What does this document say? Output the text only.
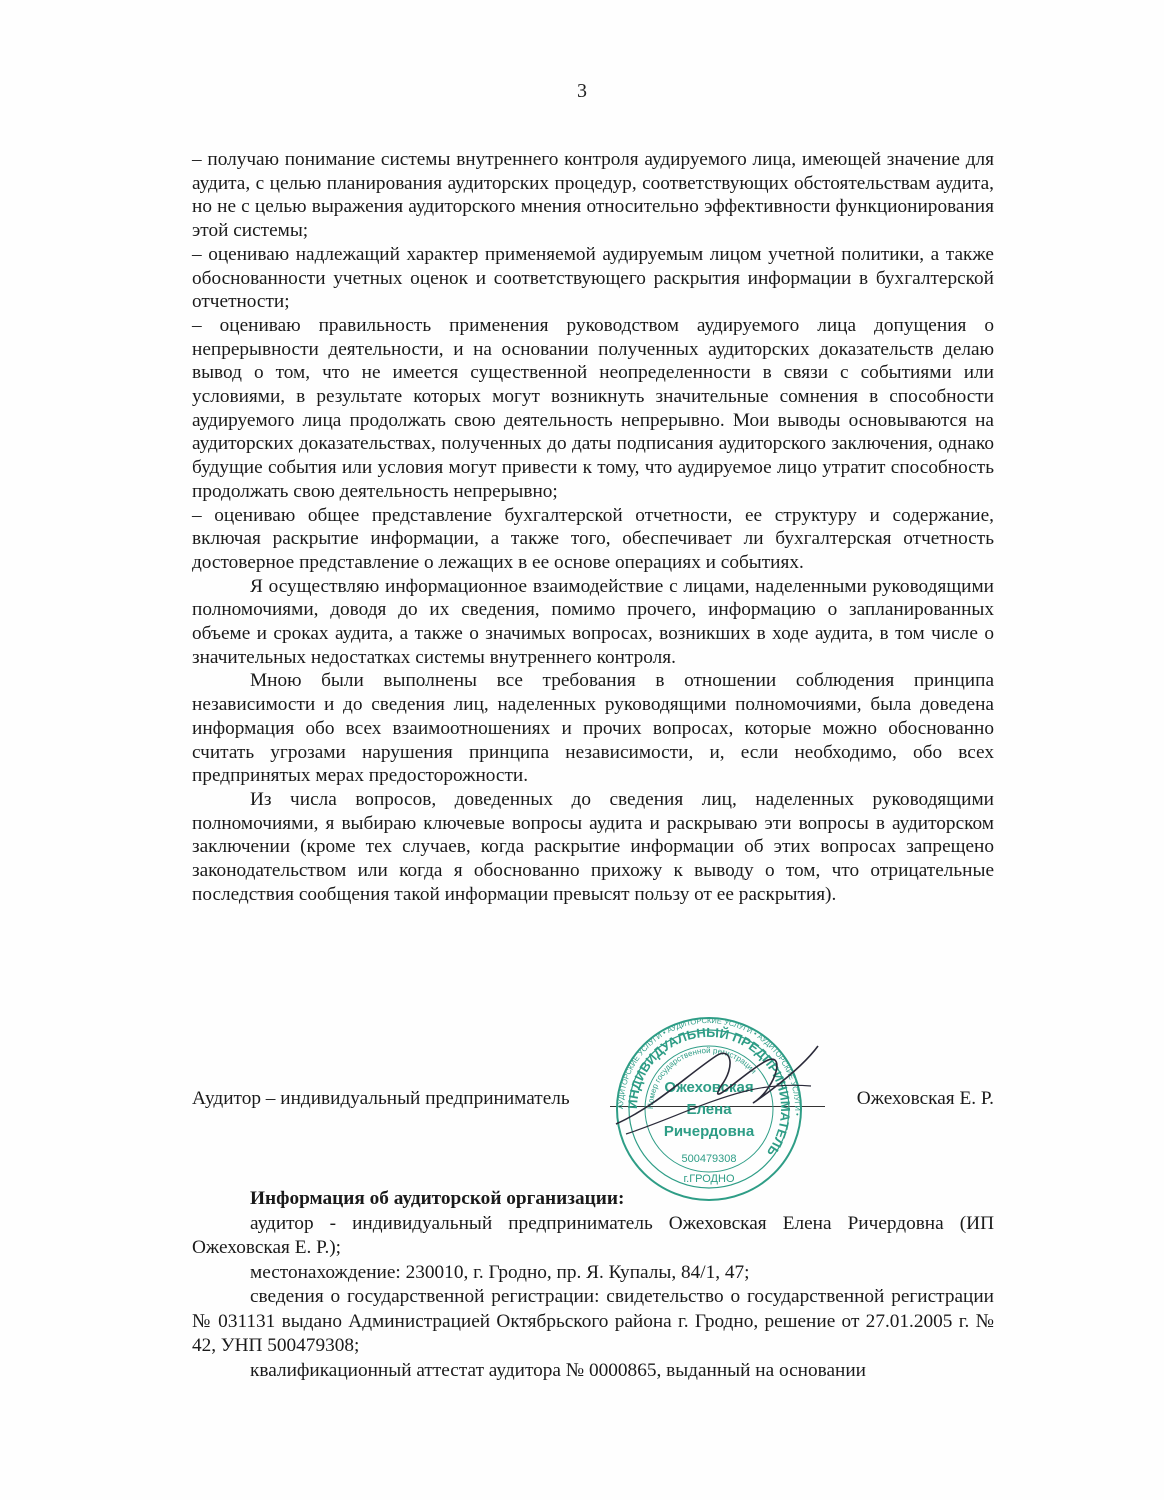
3

– получаю понимание системы внутреннего контроля аудируемого лица, имеющей значение для аудита, с целью планирования аудиторских процедур, соответствующих обстоятельствам аудита, но не с целью выражения аудиторского мнения относительно эффективности функционирования этой системы;

– оцениваю надлежащий характер применяемой аудируемым лицом учетной политики, а также обоснованности учетных оценок и соответствующего раскрытия информации в бухгалтерской отчетности;

– оцениваю правильность применения руководством аудируемого лица допущения о непрерывности деятельности, и на основании полученных аудиторских доказательств делаю вывод о том, что не имеется существенной неопределенности в связи с событиями или условиями, в результате которых могут возникнуть значительные сомнения в способности аудируемого лица продолжать свою деятельность непрерывно. Мои выводы основываются на аудиторских доказательствах, полученных до даты подписания аудиторского заключения, однако будущие события или условия могут привести к тому, что аудируемое лицо утратит способность продолжать свою деятельность непрерывно;

– оцениваю общее представление бухгалтерской отчетности, ее структуру и содержание, включая раскрытие информации, а также того, обеспечивает ли бухгалтерская отчетность достоверное представление о лежащих в ее основе операциях и событиях.

Я осуществляю информационное взаимодействие с лицами, наделенными руководящими полномочиями, доводя до их сведения, помимо прочего, информацию о запланированных объеме и сроках аудита, а также о значимых вопросах, возникших в ходе аудита, в том числе о значительных недостатках системы внутреннего контроля.

Мною были выполнены все требования в отношении соблюдения принципа независимости и до сведения лиц, наделенных руководящими полномочиями, была доведена информация обо всех взаимоотношениях и прочих вопросах, которые можно обоснованно считать угрозами нарушения принципа независимости, и, если необходимо, обо всех предпринятых мерах предосторожности.

Из числа вопросов, доведенных до сведения лиц, наделенных руководящими полномочиями, я выбираю ключевые вопросы аудита и раскрываю эти вопросы в аудиторском заключении (кроме тех случаев, когда раскрытие информации об этих вопросах запрещено законодательством или когда я обоснованно прихожу к выводу о том, что отрицательные последствия сообщения такой информации превысят пользу от ее раскрытия).

Аудитор – индивидуальный предприниматель	Ожеховская Е. Р.
АУДИТОРСКИЕ УСЛУГИ • АУДИТОРСКИЕ УСЛУГИ • АУДИТОРСКИЕ УСЛУГИ •
ИНДИВИДУАЛЬНЫЙ ПРЕДПРИНИМАТЕЛЬ
Номер государственной регистрации
Ожеховская
Елена
Ричердовна
500479308
г.ГРОДНО

Информация об аудиторской организации:

аудитор - индивидуальный предприниматель Ожеховская Елена Ричердовна (ИП Ожеховская Е. Р.);

местонахождение: 230010, г. Гродно, пр. Я. Купалы, 84/1, 47;

сведения о государственной регистрации: свидетельство о государственной регистрации № 031131 выдано Администрацией Октябрьского района г. Гродно, решение от 27.01.2005 г. № 42, УНП 500479308;

квалификационный аттестат аудитора № 0000865, выданный на основании
